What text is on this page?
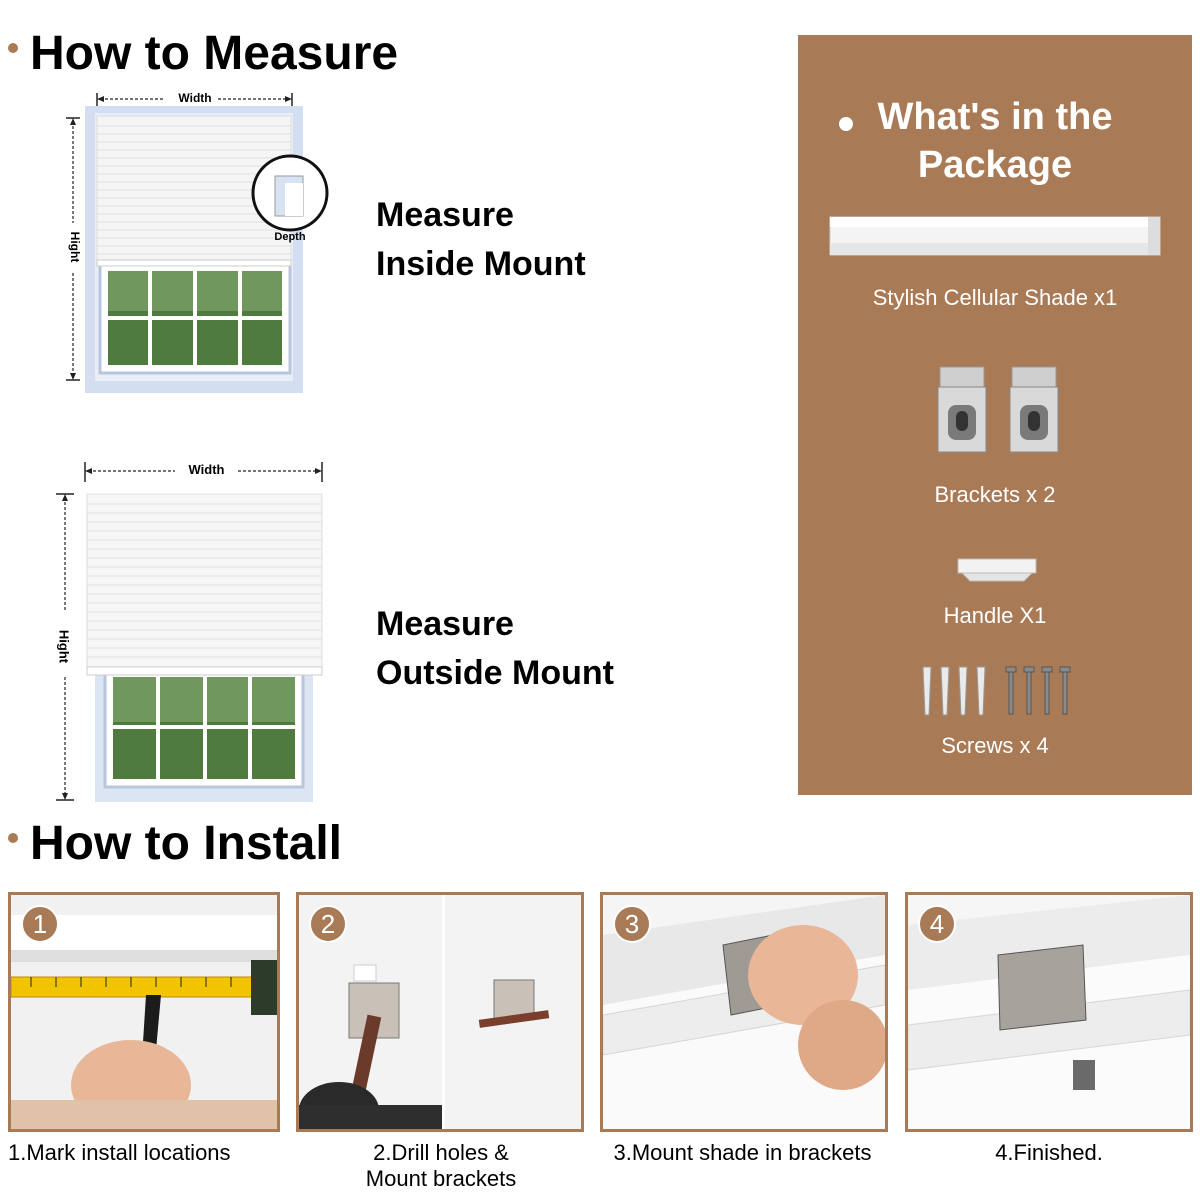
How to Measure
Width
Hight	Depth
Measure
Inside Mount
Width
Hight
Measure
Outside Mount
What's in the
Package
Stylish Cellular Shade x1
Brackets x 2
Handle X1
Screws x 4
How to Install
1
1.Mark install locations
2
2.Drill holes &
Mount brackets
3
3.Mount shade in brackets
4
4.Finished.
